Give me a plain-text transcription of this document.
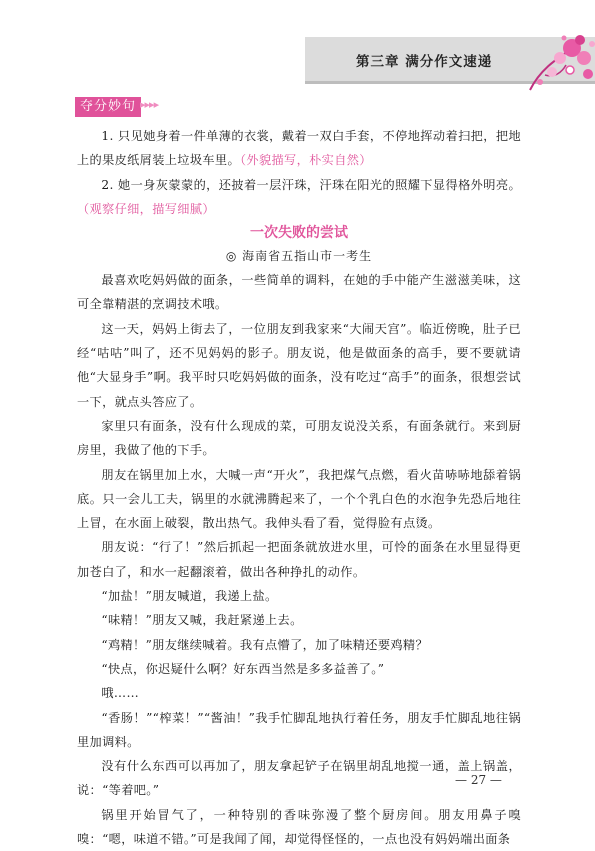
第三章 满分作文速递
夺分妙句 ▸▸▸▸

1. 只见她身着一件单薄的衣裳，戴着一双白手套，不停地挥动着扫把，把地上的果皮纸屑装上垃圾车里。（外貌描写，朴实自然）

2. 她一身灰蒙蒙的，还披着一层汗珠，汗珠在阳光的照耀下显得格外明亮。（观察仔细，描写细腻）

一次失败的尝试

◎ 海南省五指山市一考生

最喜欢吃妈妈做的面条，一些简单的调料，在她的手中能产生滋滋美味，这可全靠精湛的烹调技术哦。

这一天，妈妈上街去了，一位朋友到我家来“大闹天宫”。临近傍晚，肚子已经“咕咕”叫了，还不见妈妈的影子。朋友说，他是做面条的高手，要不要就请他“大显身手”啊。我平时只吃妈妈做的面条，没有吃过“高手”的面条，很想尝试一下，就点头答应了。

家里只有面条，没有什么现成的菜，可朋友说没关系，有面条就行。来到厨房里，我做了他的下手。

朋友在锅里加上水，大喊一声“开火”，我把煤气点燃，看火苗哧哧地舔着锅底。只一会儿工夫，锅里的水就沸腾起来了，一个个乳白色的水泡争先恐后地往上冒，在水面上破裂，散出热气。我伸头看了看，觉得脸有点烫。

朋友说：“行了！”然后抓起一把面条就放进水里，可怜的面条在水里显得更加苍白了，和水一起翻滚着，做出各种挣扎的动作。

“加盐！”朋友喊道，我递上盐。

“味精！”朋友又喊，我赶紧递上去。

“鸡精！”朋友继续喊着。我有点懵了，加了味精还要鸡精？

“快点，你迟疑什么啊？好东西当然是多多益善了。”

哦……

“香肠！”“榨菜！”“酱油！”我手忙脚乱地执行着任务，朋友手忙脚乱地往锅里加调料。

没有什么东西可以再加了，朋友拿起铲子在锅里胡乱地搅一通，盖上锅盖，说：“等着吧。”

锅里开始冒气了，一种特别的香味弥漫了整个厨房间。朋友用鼻子嗅嗅：“嗯，味道不错。”可是我闻了闻，却觉得怪怪的，一点也没有妈妈端出面条

— 27 —
